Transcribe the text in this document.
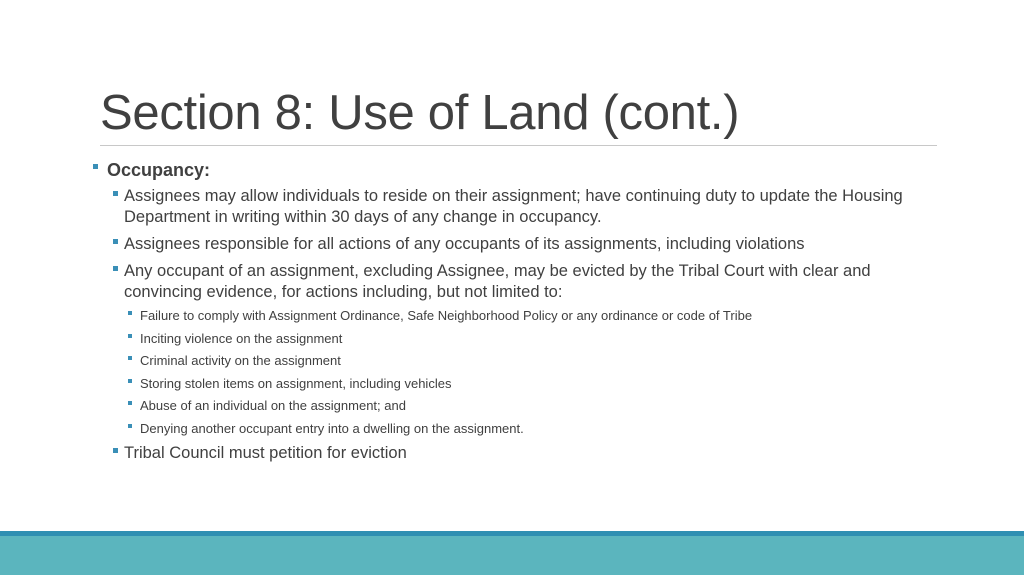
Section 8: Use of Land (cont.)
Occupancy:
Assignees may allow individuals to reside on their assignment; have continuing duty to update the Housing
Department in writing within 30 days of any change in occupancy.
Assignees responsible for all actions of any occupants of its assignments, including violations
Any occupant of an assignment, excluding Assignee, may be evicted by the Tribal Court with clear and
convincing evidence, for actions including, but not limited to:
Failure to comply with Assignment Ordinance, Safe Neighborhood Policy or any ordinance or code of Tribe
Inciting violence on the assignment
Criminal activity on the assignment
Storing stolen items on assignment, including vehicles
Abuse of an individual on the assignment; and
Denying another occupant entry into a dwelling on the assignment.
Tribal Council must petition for eviction
